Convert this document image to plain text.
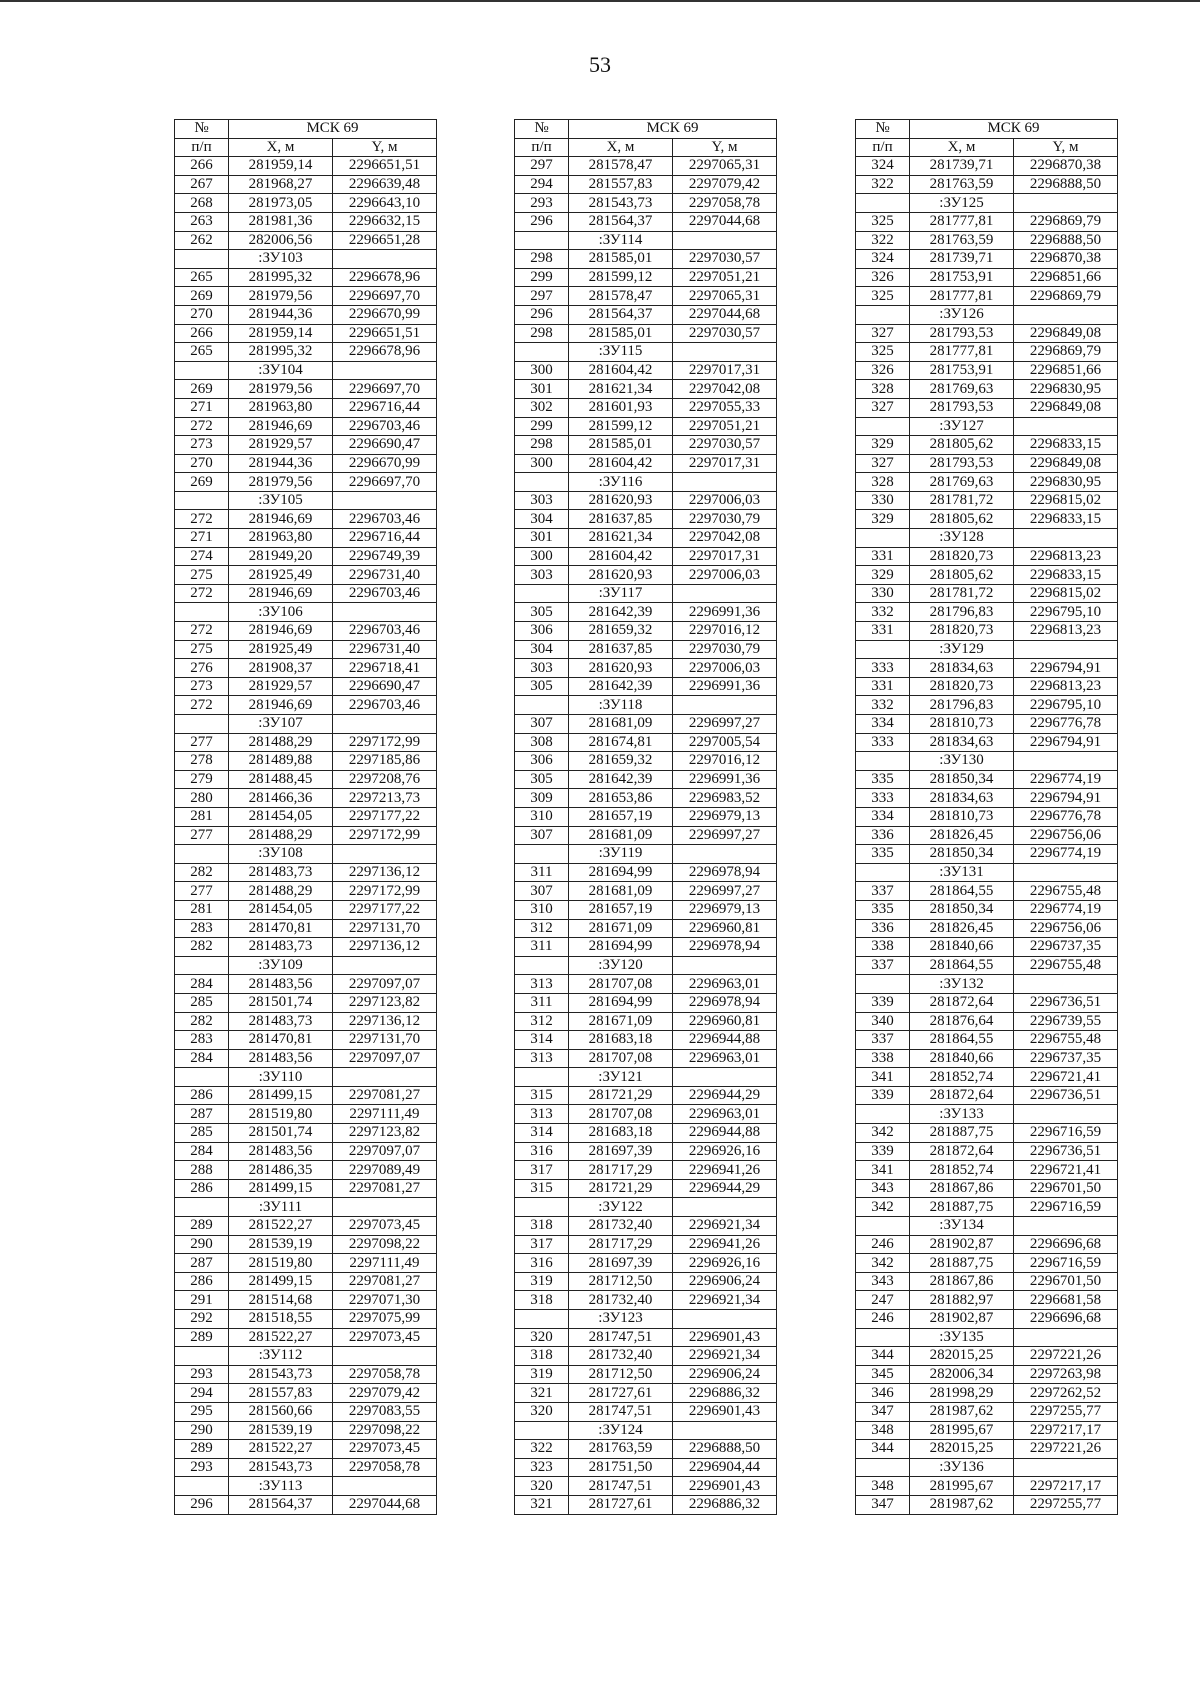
53
№	МСК 69	
п/п	X, м	Y, м
266	281959,14	2296651,51
267	281968,27	2296639,48
268	281973,05	2296643,10
263	281981,36	2296632,15
262	282006,56	2296651,28
	:ЗУ103	
265	281995,32	2296678,96
269	281979,56	2296697,70
270	281944,36	2296670,99
266	281959,14	2296651,51
265	281995,32	2296678,96
	:ЗУ104	
269	281979,56	2296697,70
271	281963,80	2296716,44
272	281946,69	2296703,46
273	281929,57	2296690,47
270	281944,36	2296670,99
269	281979,56	2296697,70
	:ЗУ105	
272	281946,69	2296703,46
271	281963,80	2296716,44
274	281949,20	2296749,39
275	281925,49	2296731,40
272	281946,69	2296703,46
	:ЗУ106	
272	281946,69	2296703,46
275	281925,49	2296731,40
276	281908,37	2296718,41
273	281929,57	2296690,47
272	281946,69	2296703,46
	:ЗУ107	
277	281488,29	2297172,99
278	281489,88	2297185,86
279	281488,45	2297208,76
280	281466,36	2297213,73
281	281454,05	2297177,22
277	281488,29	2297172,99
	:ЗУ108	
282	281483,73	2297136,12
277	281488,29	2297172,99
281	281454,05	2297177,22
283	281470,81	2297131,70
282	281483,73	2297136,12
	:ЗУ109	
284	281483,56	2297097,07
285	281501,74	2297123,82
282	281483,73	2297136,12
283	281470,81	2297131,70
284	281483,56	2297097,07
	:ЗУ110	
286	281499,15	2297081,27
287	281519,80	2297111,49
285	281501,74	2297123,82
284	281483,56	2297097,07
288	281486,35	2297089,49
286	281499,15	2297081,27
	:ЗУ111	
289	281522,27	2297073,45
290	281539,19	2297098,22
287	281519,80	2297111,49
286	281499,15	2297081,27
291	281514,68	2297071,30
292	281518,55	2297075,99
289	281522,27	2297073,45
	:ЗУ112	
293	281543,73	2297058,78
294	281557,83	2297079,42
295	281560,66	2297083,55
290	281539,19	2297098,22
289	281522,27	2297073,45
293	281543,73	2297058,78
	:ЗУ113	
296	281564,37	2297044,68
№	МСК 69	
п/п	X, м	Y, м
297	281578,47	2297065,31
294	281557,83	2297079,42
293	281543,73	2297058,78
296	281564,37	2297044,68
	:ЗУ114	
298	281585,01	2297030,57
299	281599,12	2297051,21
297	281578,47	2297065,31
296	281564,37	2297044,68
298	281585,01	2297030,57
	:ЗУ115	
300	281604,42	2297017,31
301	281621,34	2297042,08
302	281601,93	2297055,33
299	281599,12	2297051,21
298	281585,01	2297030,57
300	281604,42	2297017,31
	:ЗУ116	
303	281620,93	2297006,03
304	281637,85	2297030,79
301	281621,34	2297042,08
300	281604,42	2297017,31
303	281620,93	2297006,03
	:ЗУ117	
305	281642,39	2296991,36
306	281659,32	2297016,12
304	281637,85	2297030,79
303	281620,93	2297006,03
305	281642,39	2296991,36
	:ЗУ118	
307	281681,09	2296997,27
308	281674,81	2297005,54
306	281659,32	2297016,12
305	281642,39	2296991,36
309	281653,86	2296983,52
310	281657,19	2296979,13
307	281681,09	2296997,27
	:ЗУ119	
311	281694,99	2296978,94
307	281681,09	2296997,27
310	281657,19	2296979,13
312	281671,09	2296960,81
311	281694,99	2296978,94
	:ЗУ120	
313	281707,08	2296963,01
311	281694,99	2296978,94
312	281671,09	2296960,81
314	281683,18	2296944,88
313	281707,08	2296963,01
	:ЗУ121	
315	281721,29	2296944,29
313	281707,08	2296963,01
314	281683,18	2296944,88
316	281697,39	2296926,16
317	281717,29	2296941,26
315	281721,29	2296944,29
	:ЗУ122	
318	281732,40	2296921,34
317	281717,29	2296941,26
316	281697,39	2296926,16
319	281712,50	2296906,24
318	281732,40	2296921,34
	:ЗУ123	
320	281747,51	2296901,43
318	281732,40	2296921,34
319	281712,50	2296906,24
321	281727,61	2296886,32
320	281747,51	2296901,43
	:ЗУ124	
322	281763,59	2296888,50
323	281751,50	2296904,44
320	281747,51	2296901,43
321	281727,61	2296886,32
№	МСК 69	
п/п	X, м	Y, м
324	281739,71	2296870,38
322	281763,59	2296888,50
	:ЗУ125	
325	281777,81	2296869,79
322	281763,59	2296888,50
324	281739,71	2296870,38
326	281753,91	2296851,66
325	281777,81	2296869,79
	:ЗУ126	
327	281793,53	2296849,08
325	281777,81	2296869,79
326	281753,91	2296851,66
328	281769,63	2296830,95
327	281793,53	2296849,08
	:ЗУ127	
329	281805,62	2296833,15
327	281793,53	2296849,08
328	281769,63	2296830,95
330	281781,72	2296815,02
329	281805,62	2296833,15
	:ЗУ128	
331	281820,73	2296813,23
329	281805,62	2296833,15
330	281781,72	2296815,02
332	281796,83	2296795,10
331	281820,73	2296813,23
	:ЗУ129	
333	281834,63	2296794,91
331	281820,73	2296813,23
332	281796,83	2296795,10
334	281810,73	2296776,78
333	281834,63	2296794,91
	:ЗУ130	
335	281850,34	2296774,19
333	281834,63	2296794,91
334	281810,73	2296776,78
336	281826,45	2296756,06
335	281850,34	2296774,19
	:ЗУ131	
337	281864,55	2296755,48
335	281850,34	2296774,19
336	281826,45	2296756,06
338	281840,66	2296737,35
337	281864,55	2296755,48
	:ЗУ132	
339	281872,64	2296736,51
340	281876,64	2296739,55
337	281864,55	2296755,48
338	281840,66	2296737,35
341	281852,74	2296721,41
339	281872,64	2296736,51
	:ЗУ133	
342	281887,75	2296716,59
339	281872,64	2296736,51
341	281852,74	2296721,41
343	281867,86	2296701,50
342	281887,75	2296716,59
	:ЗУ134	
246	281902,87	2296696,68
342	281887,75	2296716,59
343	281867,86	2296701,50
247	281882,97	2296681,58
246	281902,87	2296696,68
	:ЗУ135	
344	282015,25	2297221,26
345	282006,34	2297263,98
346	281998,29	2297262,52
347	281987,62	2297255,77
348	281995,67	2297217,17
344	282015,25	2297221,26
	:ЗУ136	
348	281995,67	2297217,17
347	281987,62	2297255,77
